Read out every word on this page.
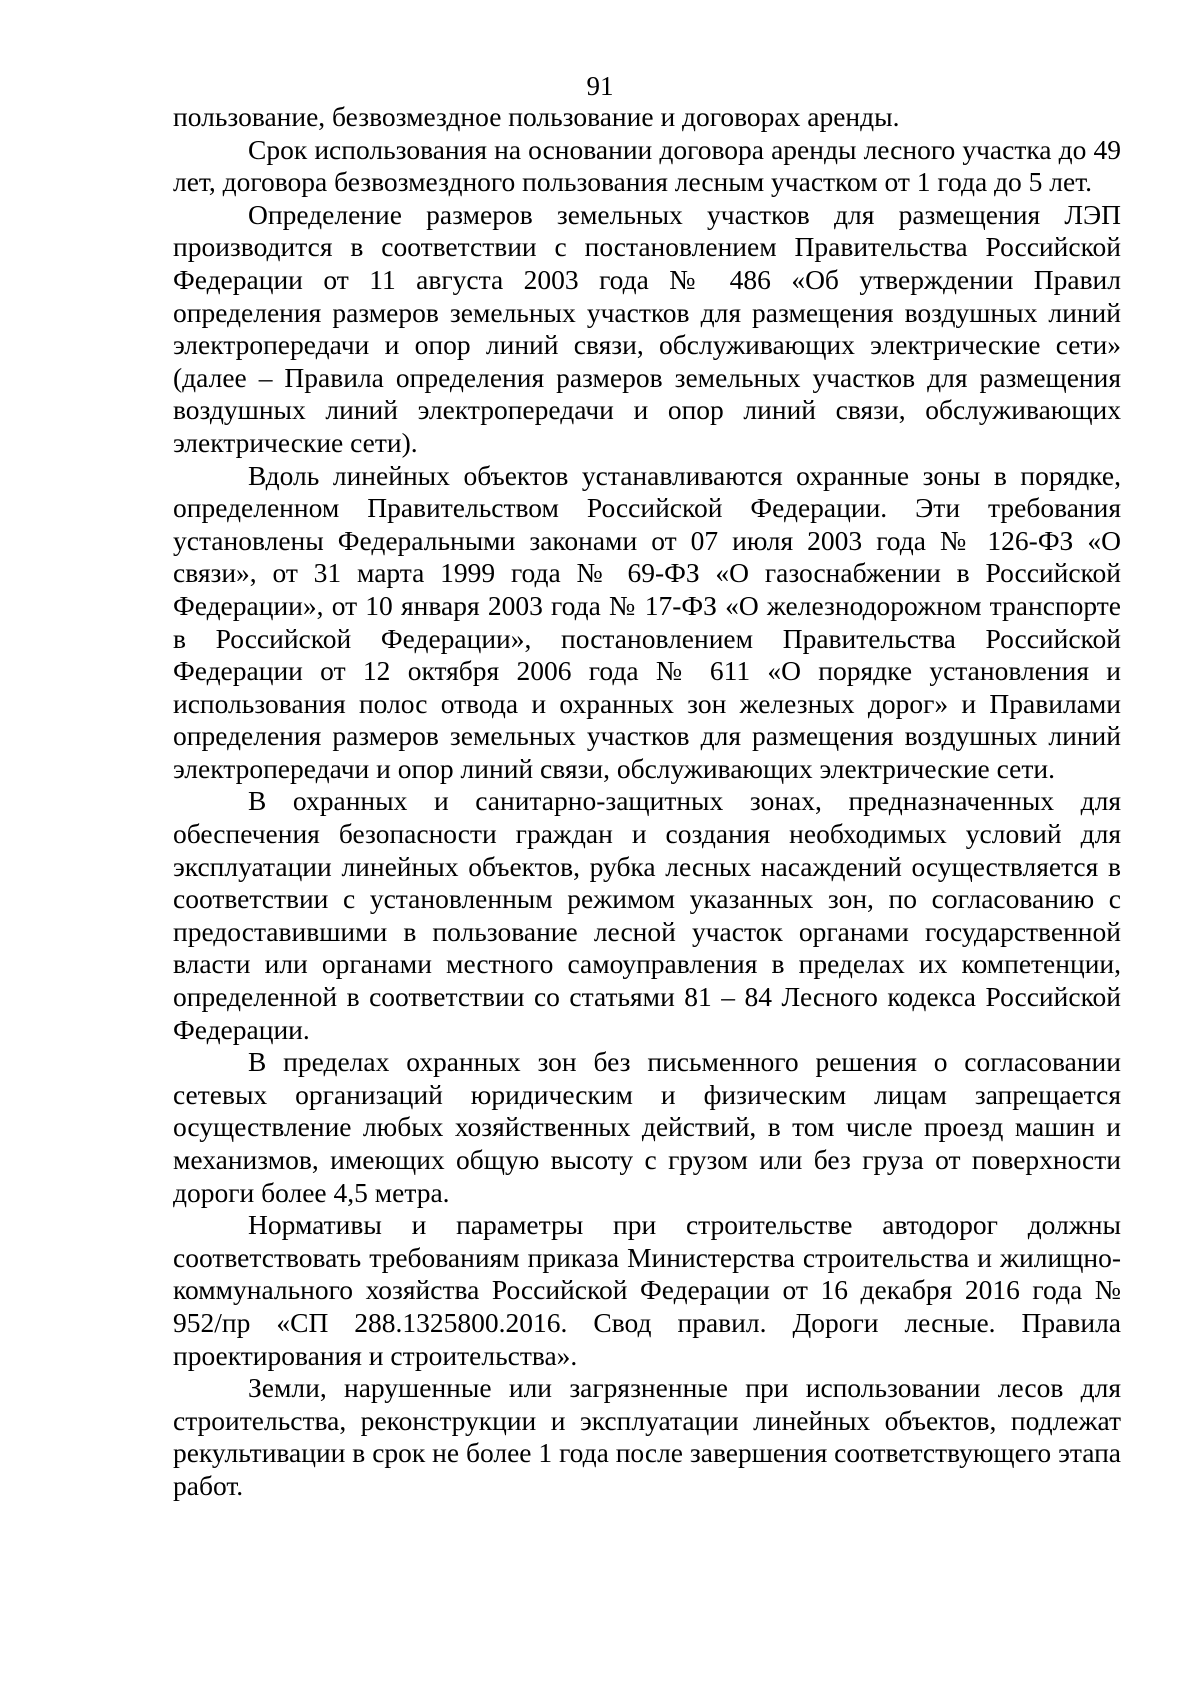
91

пользование, безвозмездное пользование и договорах аренды.

Срок использования на основании договора аренды лесного участка до 49 лет, договора безвозмездного пользования лесным участком от 1 года до 5 лет.

Определение размеров земельных участков для размещения ЛЭП производится в соответствии с постановлением Правительства Российской Федерации от 11 августа 2003 года № 486 «Об утверждении Правил определения размеров земельных участков для размещения воздушных линий электропередачи и опор линий связи, обслуживающих электрические сети» (далее – Правила определения размеров земельных участков для размещения воздушных линий электропередачи и опор линий связи, обслуживающих электрические сети).

Вдоль линейных объектов устанавливаются охранные зоны в порядке, определенном Правительством Российской Федерации. Эти требования установлены Федеральными законами от 07 июля 2003 года № 126-ФЗ «О связи», от 31 марта 1999 года № 69-ФЗ «О газоснабжении в Российской Федерации», от 10 января 2003 года № 17-ФЗ «О железнодорожном транспорте в Российской Федерации», постановлением Правительства Российской Федерации от 12 октября 2006 года № 611 «О порядке установления и использования полос отвода и охранных зон железных дорог» и Правилами определения размеров земельных участков для размещения воздушных линий электропередачи и опор линий связи, обслуживающих электрические сети.

В охранных и санитарно-защитных зонах, предназначенных для обеспечения безопасности граждан и создания необходимых условий для эксплуатации линейных объектов, рубка лесных насаждений осуществляется в соответствии с установленным режимом указанных зон, по согласованию с предоставившими в пользование лесной участок органами государственной власти или органами местного самоуправления в пределах их компетенции, определенной в соответствии со статьями 81 – 84 Лесного кодекса Российской Федерации.

В пределах охранных зон без письменного решения о согласовании сетевых организаций юридическим и физическим лицам запрещается осуществление любых хозяйственных действий, в том числе проезд машин и механизмов, имеющих общую высоту с грузом или без груза от поверхности дороги более 4,5 метра.

Нормативы и параметры при строительстве автодорог должны соответствовать требованиям приказа Министерства строительства и жилищно-коммунального хозяйства Российской Федерации от 16 декабря 2016 года № 952/пр «СП 288.1325800.2016. Свод правил. Дороги лесные. Правила проектирования и строительства».

Земли, нарушенные или загрязненные при использовании лесов для строительства, реконструкции и эксплуатации линейных объектов, подлежат рекультивации в срок не более 1 года после завершения соответствующего этапа работ.
